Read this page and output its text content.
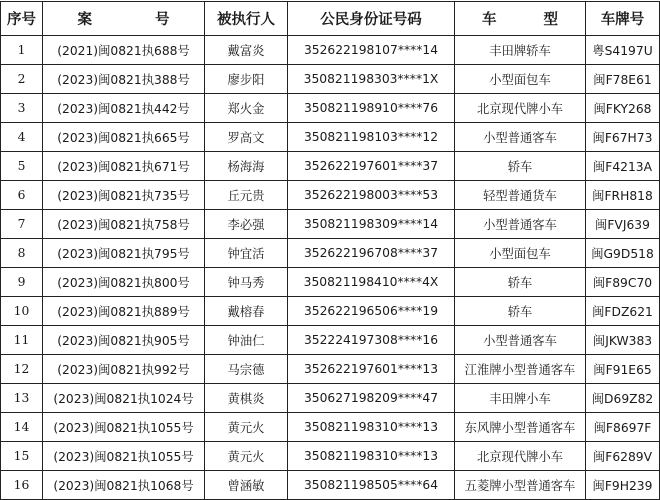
序号	案 号	被执行人	公民身份证号码	车 型	车牌号
1	(2021)闽0821执688号	戴富炎	352622198107****14	丰田牌轿车	粤S4197U
2	(2023)闽0821执388号	廖步阳	350821198303****1X	小型面包车	闽F78E61
3	(2023)闽0821执442号	郑火金	350821198910****76	北京现代牌小车	闽FKY268
4	(2023)闽0821执665号	罗高文	350821198103****12	小型普通客车	闽F67H73
5	(2023)闽0821执671号	杨海海	352622197601****37	轿车	闽F4213A
6	(2023)闽0821执735号	丘元贵	352622198003****53	轻型普通货车	闽FRH818
7	(2023)闽0821执758号	李必强	350821198309****14	小型普通客车	闽FVJ639
8	(2023)闽0821执795号	钟宜活	352622196708****37	小型面包车	闽G9D518
9	(2023)闽0821执800号	钟马秀	350821198410****4X	轿车	闽F89C70
10	(2023)闽0821执889号	戴榕春	352622196506****19	轿车	闽FDZ621
11	(2023)闽0821执905号	钟油仁	352224197308****16	小型普通客车	闽JKW383
12	(2023)闽0821执992号	马宗德	352622197601****13	江淮牌小型普通客车	闽F91E65
13	(2023)闽0821执1024号	黄棋炎	350627198209****47	丰田牌小车	闽D69Z82
14	(2023)闽0821执1055号	黄元火	350821198310****13	东风牌小型普通客车	闽F8697F
15	(2023)闽0821执1055号	黄元火	350821198310****13	北京现代牌小车	闽F6289V
16	(2023)闽0821执1068号	曾涵敏	350821198505****64	五菱牌小型普通客车	闽F9H239
